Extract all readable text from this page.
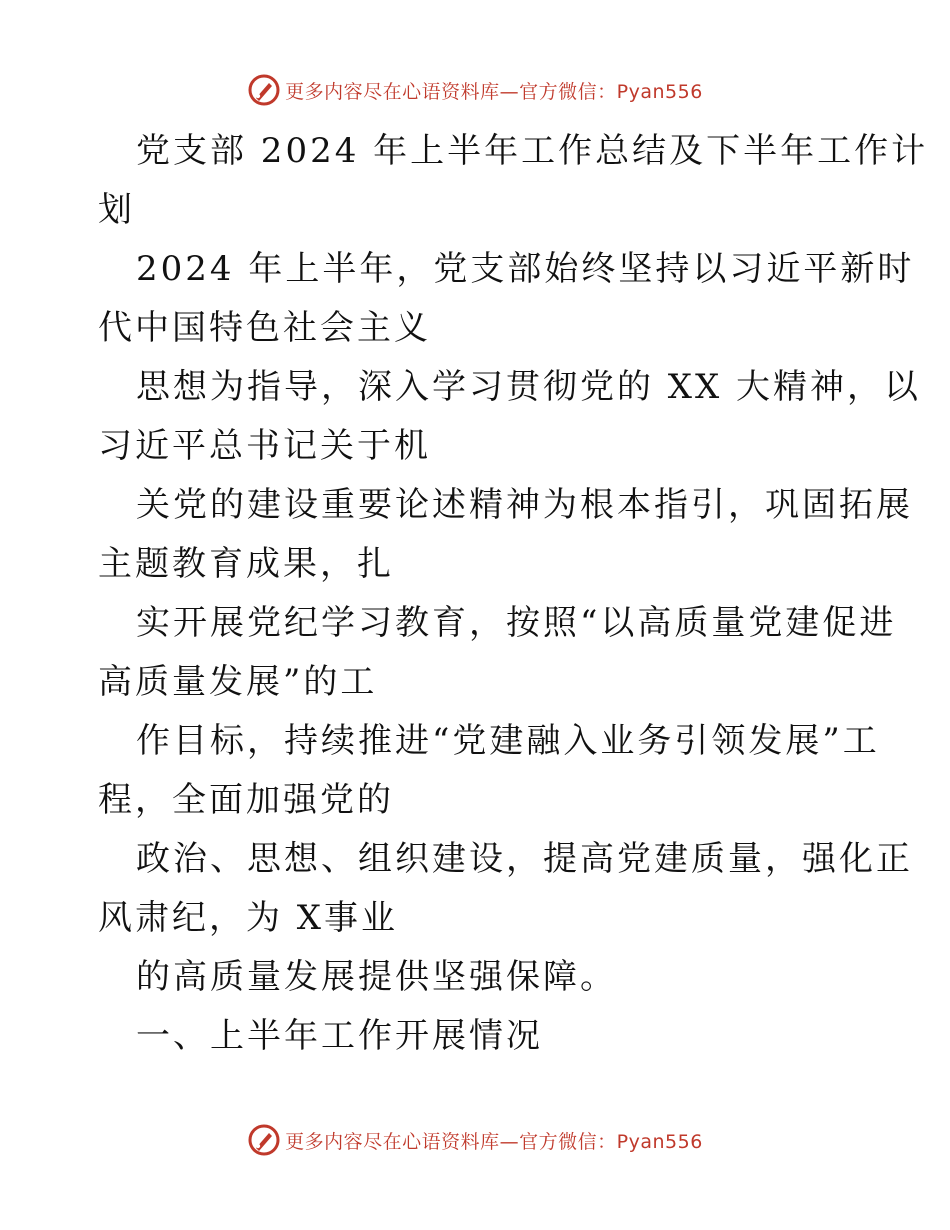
更多内容尽在心语资料库—官方微信：Pyan556
党支部 2024 年上半年工作总结及下半年工作计
划
2024 年上半年，党支部始终坚持以习近平新时
代中国特色社会主义
思想为指导，深入学习贯彻党的 XX 大精神，以
习近平总书记关于机
关党的建设重要论述精神为根本指引，巩固拓展
主题教育成果，扎
实开展党纪学习教育，按照“以高质量党建促进
高质量发展”的工
作目标，持续推进“党建融入业务引领发展”工
程，全面加强党的
政治、思想、组织建设，提高党建质量，强化正
风肃纪，为 X事业
的高质量发展提供坚强保障。
一、上半年工作开展情况
更多内容尽在心语资料库—官方微信：Pyan556
